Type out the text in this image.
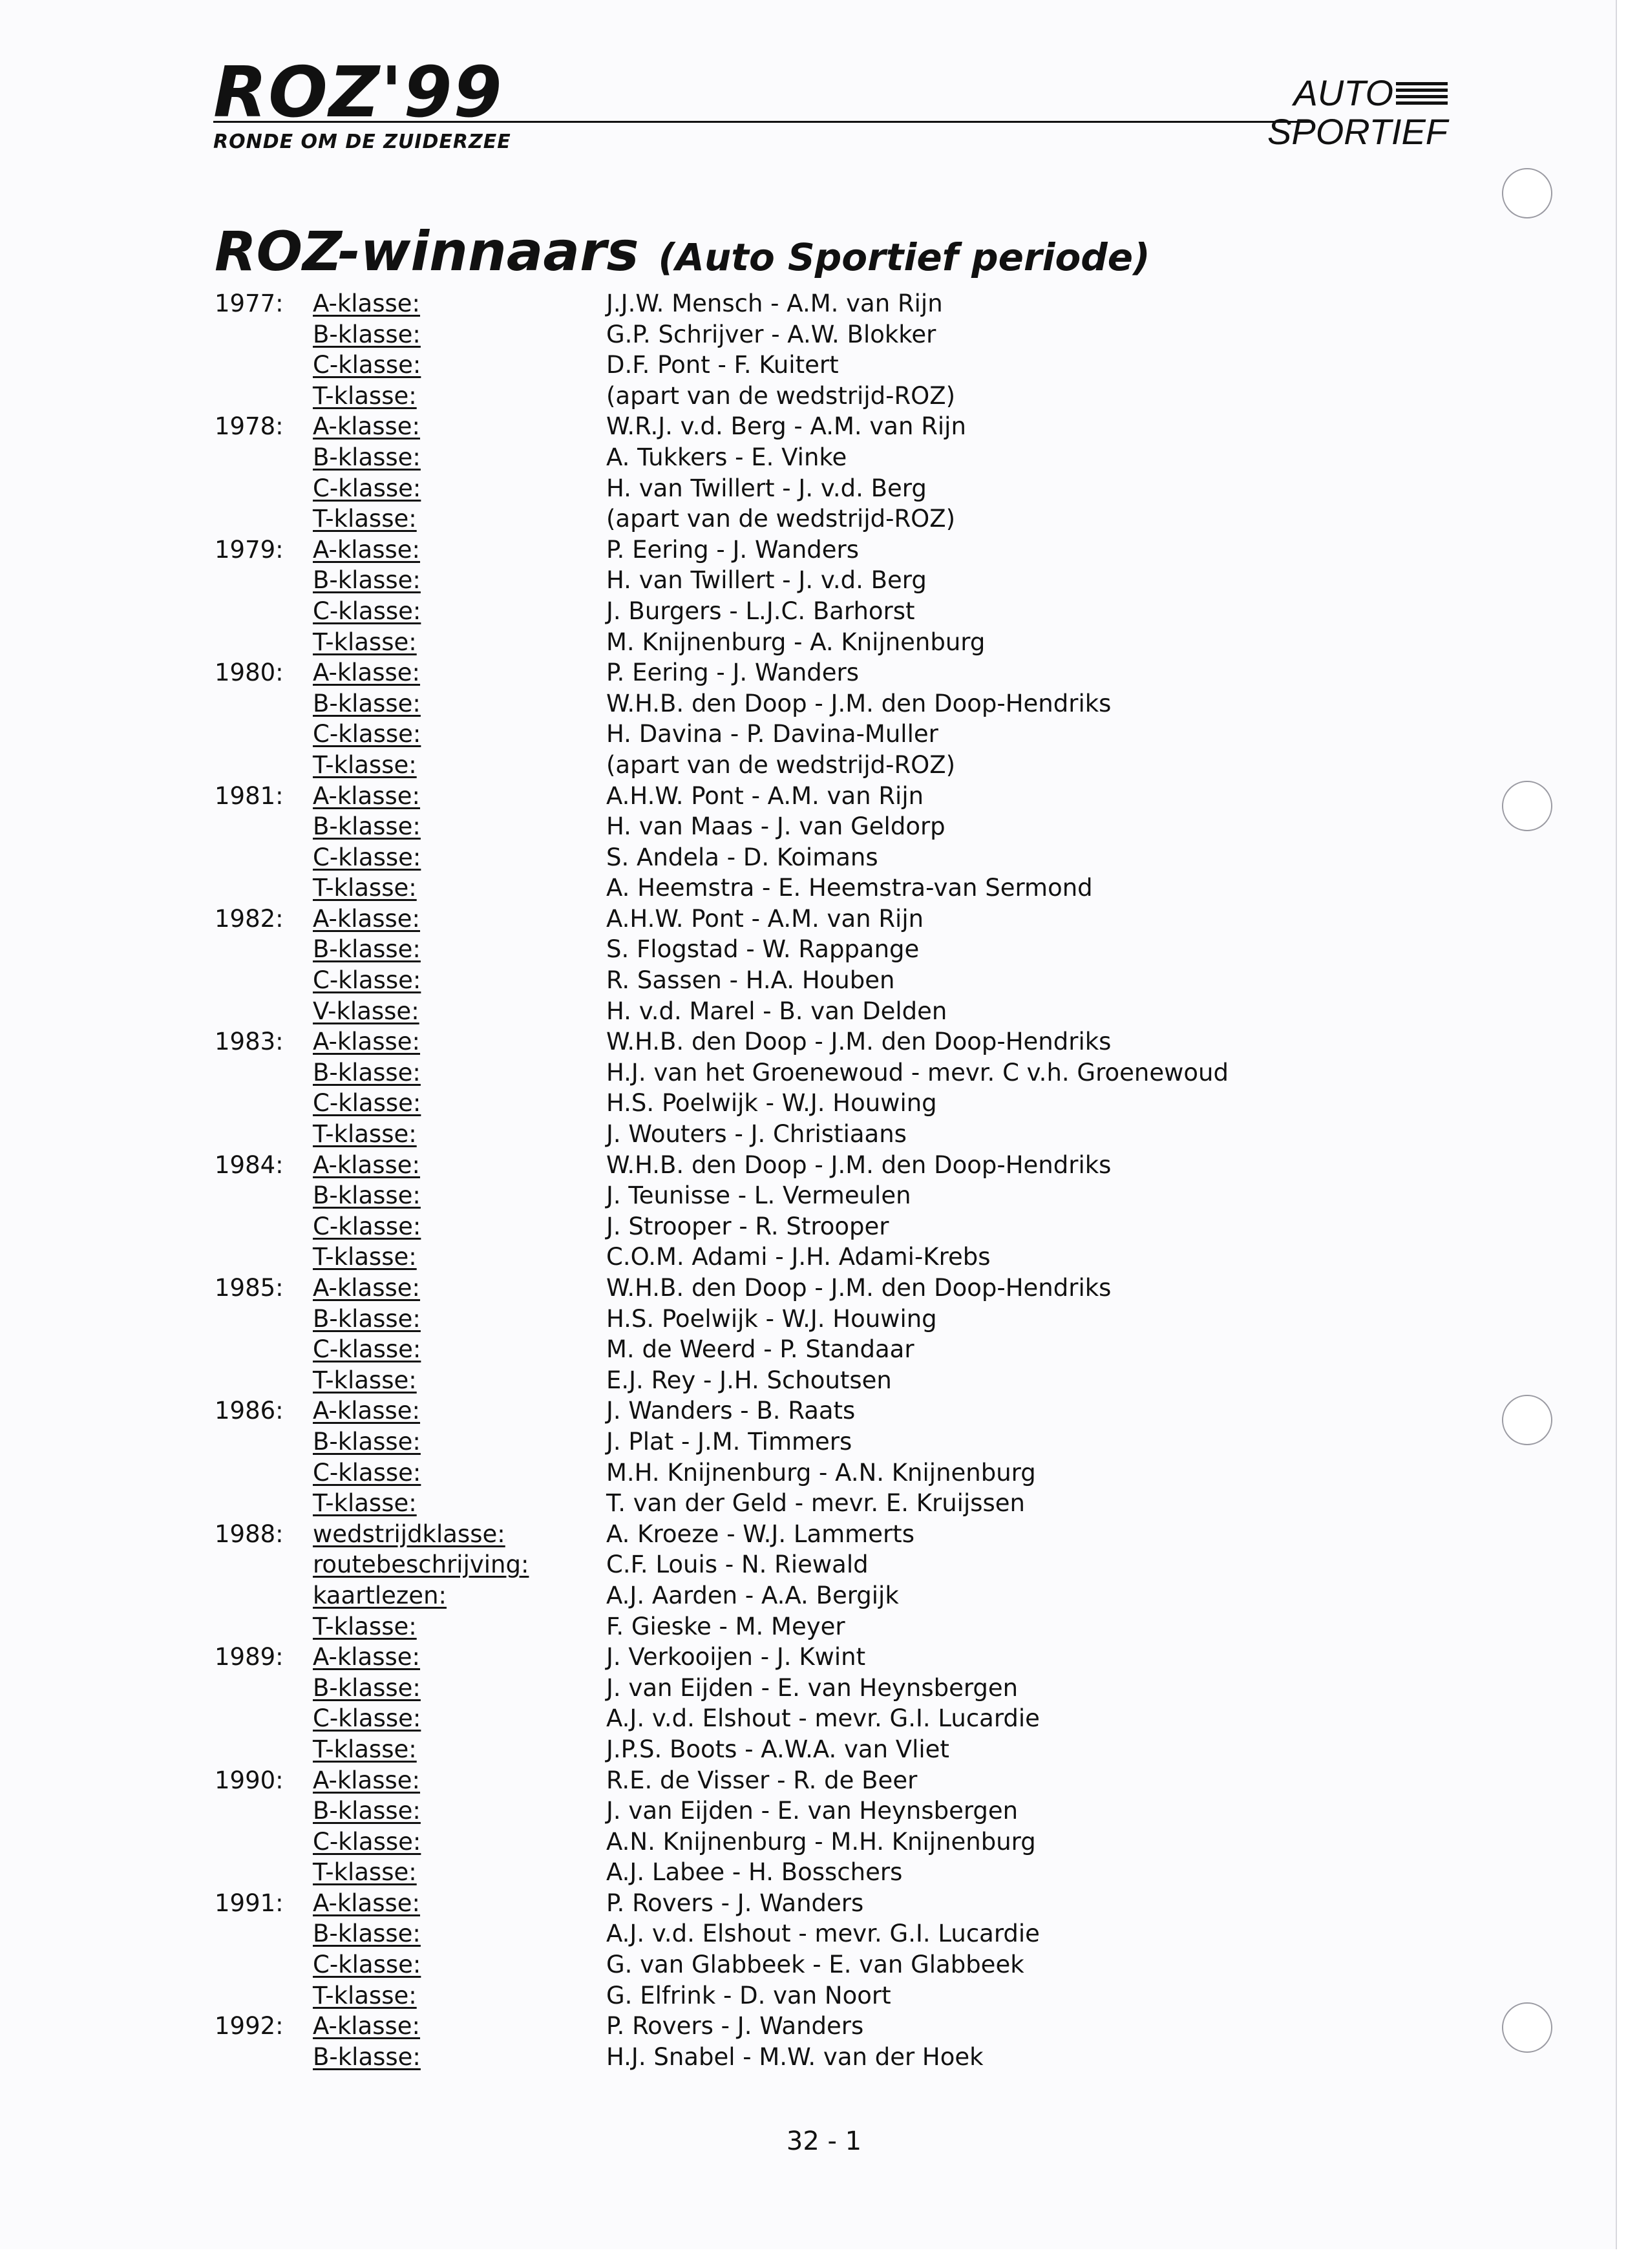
ROZ'99
RONDE OM DE ZUIDERZEE
AUTO
SPORTIEF
ROZ-winnaars (Auto Sportief periode)
1977: A-klasse:	J.J.W. Mensch - A.M. van Rijn
B-klasse:	G.P. Schrijver - A.W. Blokker
C-klasse:	D.F. Pont - F. Kuitert
T-klasse:	(apart van de wedstrijd-ROZ)
1978: A-klasse:	W.R.J. v.d. Berg - A.M. van Rijn
B-klasse:	A. Tukkers - E. Vinke
C-klasse:	H. van Twillert - J. v.d. Berg
T-klasse:	(apart van de wedstrijd-ROZ)
1979: A-klasse:	P. Eering - J. Wanders
B-klasse:	H. van Twillert - J. v.d. Berg
C-klasse:	J. Burgers - L.J.C. Barhorst
T-klasse:	M. Knijnenburg - A. Knijnenburg
1980: A-klasse:	P. Eering - J. Wanders
B-klasse:	W.H.B. den Doop - J.M. den Doop-Hendriks
C-klasse:	H. Davina - P. Davina-Muller
T-klasse:	(apart van de wedstrijd-ROZ)
1981: A-klasse:	A.H.W. Pont - A.M. van Rijn
B-klasse:	H. van Maas - J. van Geldorp
C-klasse:	S. Andela - D. Koimans
T-klasse:	A. Heemstra - E. Heemstra-van Sermond
1982: A-klasse:	A.H.W. Pont - A.M. van Rijn
B-klasse:	S. Flogstad - W. Rappange
C-klasse:	R. Sassen - H.A. Houben
V-klasse:	H. v.d. Marel - B. van Delden
1983: A-klasse:	W.H.B. den Doop - J.M. den Doop-Hendriks
B-klasse:	H.J. van het Groenewoud - mevr. C v.h. Groenewoud
C-klasse:	H.S. Poelwijk - W.J. Houwing
T-klasse:	J. Wouters - J. Christiaans
1984: A-klasse:	W.H.B. den Doop - J.M. den Doop-Hendriks
B-klasse:	J. Teunisse - L. Vermeulen
C-klasse:	J. Strooper - R. Strooper
T-klasse:	C.O.M. Adami - J.H. Adami-Krebs
1985: A-klasse:	W.H.B. den Doop - J.M. den Doop-Hendriks
B-klasse:	H.S. Poelwijk - W.J. Houwing
C-klasse:	M. de Weerd - P. Standaar
T-klasse:	E.J. Rey - J.H. Schoutsen
1986: A-klasse:	J. Wanders - B. Raats
B-klasse:	J. Plat - J.M. Timmers
C-klasse:	M.H. Knijnenburg - A.N. Knijnenburg
T-klasse:	T. van der Geld - mevr. E. Kruijssen
1988: wedstrijdklasse:	A. Kroeze - W.J. Lammerts
routebeschrijving:	C.F. Louis - N. Riewald
kaartlezen:	A.J. Aarden - A.A. Bergijk
T-klasse:	F. Gieske - M. Meyer
1989: A-klasse:	J. Verkooijen - J. Kwint
B-klasse:	J. van Eijden - E. van Heynsbergen
C-klasse:	A.J. v.d. Elshout - mevr. G.I. Lucardie
T-klasse:	J.P.S. Boots - A.W.A. van Vliet
1990: A-klasse:	R.E. de Visser - R. de Beer
B-klasse:	J. van Eijden - E. van Heynsbergen
C-klasse:	A.N. Knijnenburg - M.H. Knijnenburg
T-klasse:	A.J. Labee - H. Bosschers
1991: A-klasse:	P. Rovers - J. Wanders
B-klasse:	A.J. v.d. Elshout - mevr. G.I. Lucardie
C-klasse:	G. van Glabbeek - E. van Glabbeek
T-klasse:	G. Elfrink - D. van Noort
1992: A-klasse:	P. Rovers - J. Wanders
B-klasse:	H.J. Snabel - M.W. van der Hoek
32 - 1
